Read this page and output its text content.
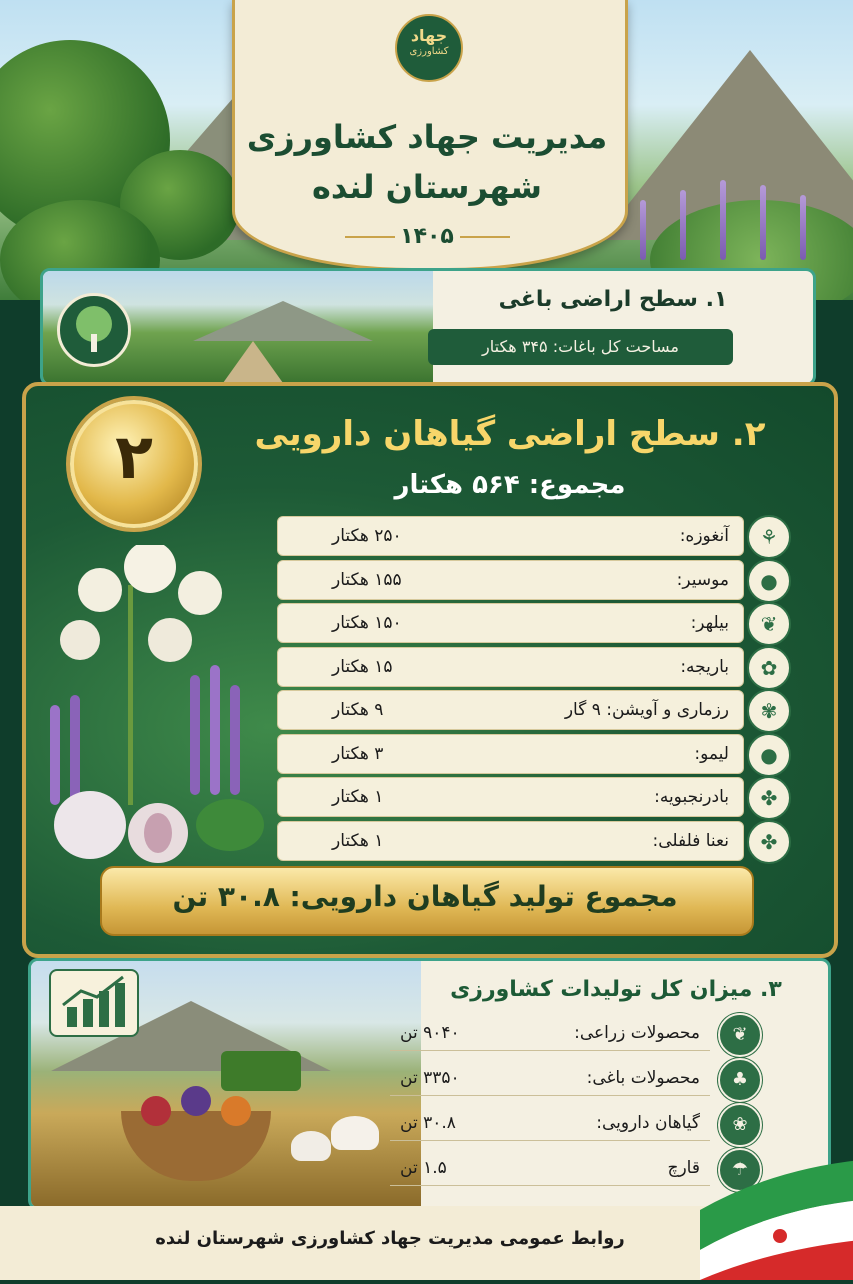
جهاد
کشاورزی
مدیریت جهاد کشاورزی
شهرستان لنده
۱۴۰۵
۱. سطح اراضی باغی
مساحت کل باغات: ۳۴۵ هکتار
۲	۲. سطح اراضی گیاهان دارویی
مجموع: ۵۶۴ هکتار
آنغوزه:
۲۵۰ هکتار	⚘
موسیر:
۱۵۵ هکتار	●
بیلهر:
۱۵۰ هکتار	❦
باریجه:
۱۵ هکتار	✿
رزماری و آویشن: ۹ گار
۹ هکتار	✾
لیمو:
۳ هکتار	●
بادرنجبویه:
۱ هکتار	✤
نعنا فلفلی:
۱ هکتار	✤
مجموع تولید گیاهان دارویی: ۳۰.۸ تن
۳. میزان کل تولیدات کشاورزی
محصولات زراعی:
۹۰۴۰ تن	❦
محصولات باغی:
۳۳۵۰ تن	♣
گیاهان دارویی:
۳۰.۸ تن	❀
قارچ
۱.۵ تن	☂
روابط عمومی مدیریت جهاد کشاورزی شهرستان لنده
